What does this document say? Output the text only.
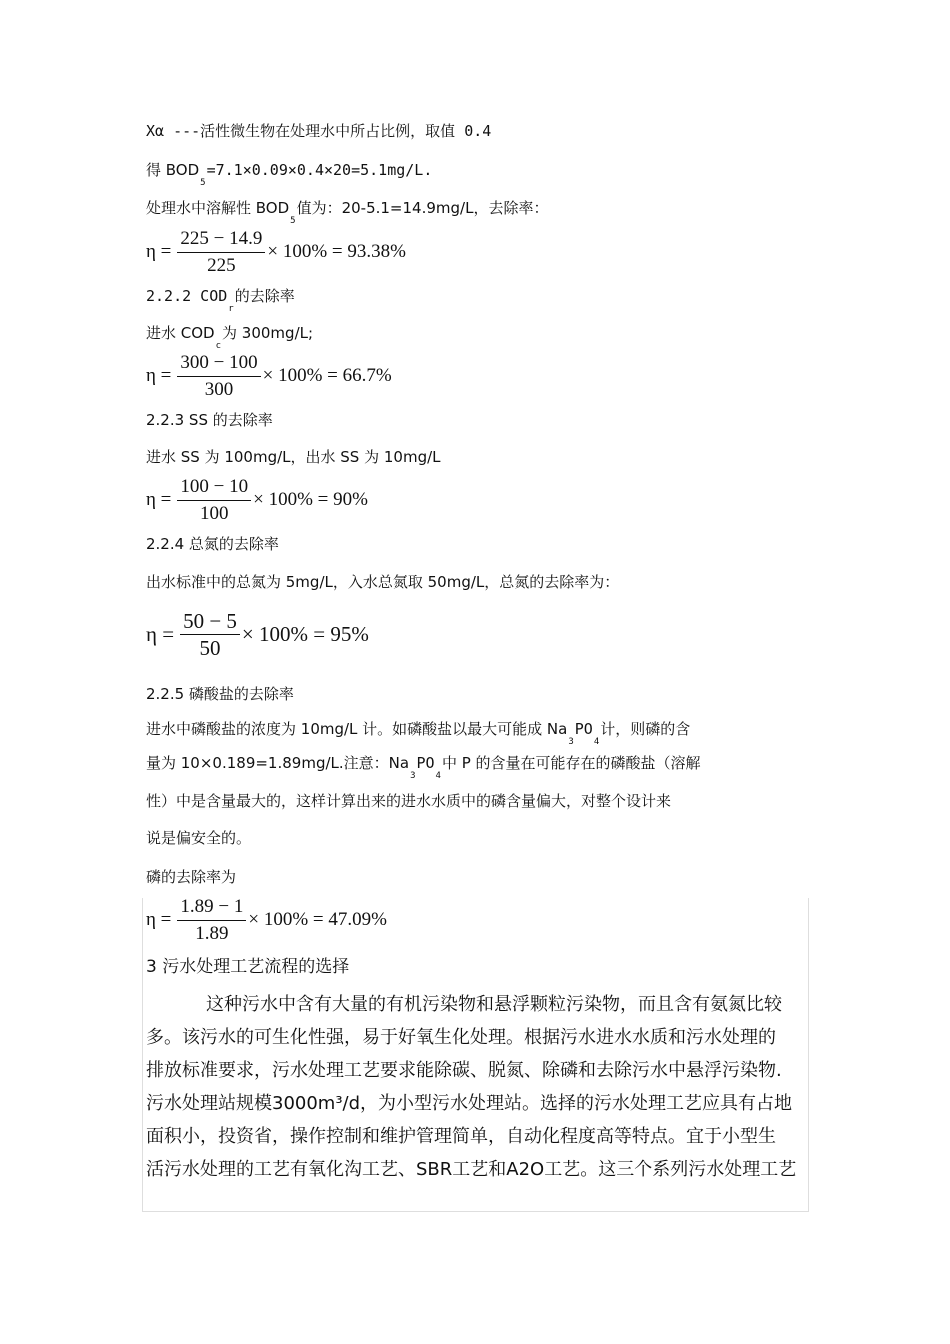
Xα ---活性微生物在处理水中所占比例，取值 0.4
得 $BOD_5=7.1\times 0.09\times 0.4\times 20=5.1mg/L$.
处理水中溶解性 $BOD_5$值为：20-5.1=14.9mg/L，去除率：
$\eta = \frac{225 - 14.9}{225} \times 100\% = 93.38\%$
2.2.2 $COD_r$的去除率
进水 $COD_c$为 300mg/L;
$\eta = \frac{300 - 100}{300} \times 100\% = 66.7\%$
2.2.3 SS 的去除率
进水 SS 为 100mg/L，出水 SS 为 10mg/L
$\eta = \frac{100 - 10}{100} \times 100\% = 90\%$
2.2.4 总氮的去除率
出水标准中的总氮为 5mg/L，入水总氮取 50mg/L，总氮的去除率为：
$\eta = \frac{50 - 5}{50} \times 100\% = 95\%$
2.2.5 磷酸盐的去除率
进水中磷酸盐的浓度为 10mg/L 计。如磷酸盐以最大可能成 $Na_3PO_4$计，则磷的含
量为 10×0.189=1.89mg/L.注意：$Na_3PO_4$中 P 的含量在可能存在的磷酸盐（溶解
性）中是含量最大的，这样计算出来的进水水质中的磷含量偏大，对整个设计来
说是偏安全的。
磷的去除率为
$\eta = \frac{1.89 - 1}{1.89} \times 100\% = 47.09\%$
3 污水处理工艺流程的选择
这种污水中含有大量的有机污染物和悬浮颗粒污染物，而且含有氨氮比较
多。该污水的可生化性强，易于好氧生化处理。根据污水进水水质和污水处理的
排放标准要求，污水处理工艺要求能除碳、脱氮、除磷和去除污水中悬浮污染物.
污水处理站规模3000m³/d，为小型污水处理站。选择的污水处理工艺应具有占地
面积小，投资省，操作控制和维护管理简单，自动化程度高等特点。宜于小型生
活污水处理的工艺有氧化沟工艺、SBR工艺和A2O工艺。这三个系列污水处理工艺
